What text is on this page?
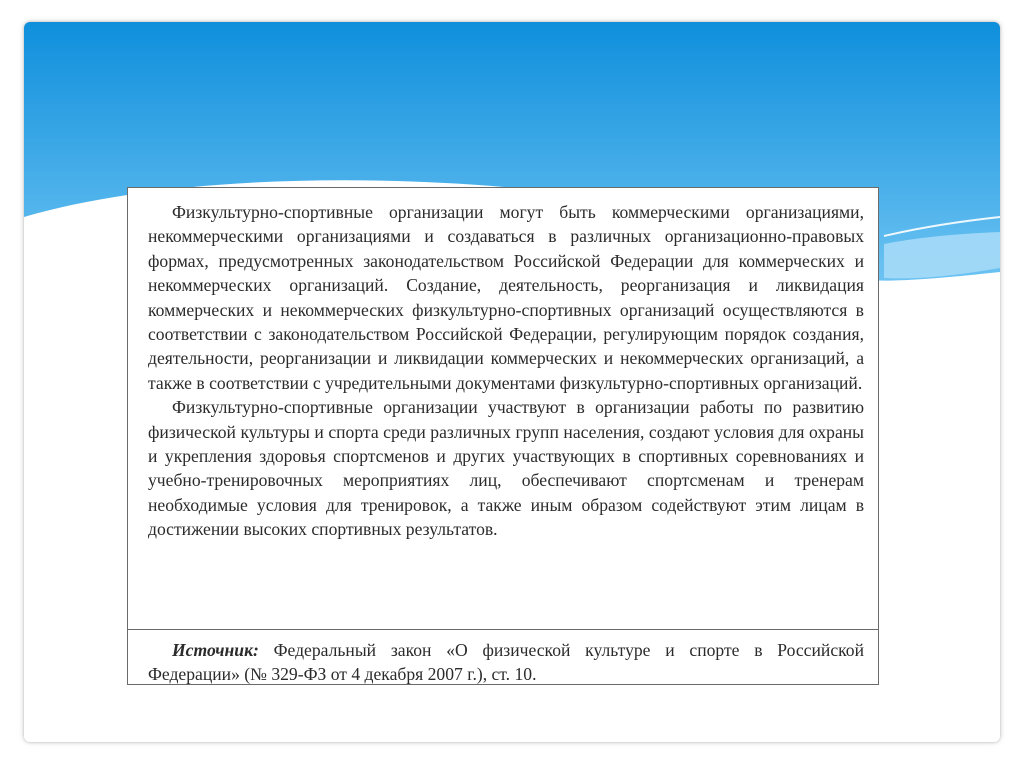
Физкультурно-спортивные организации могут быть коммерческими организациями, некоммерческими организациями и создаваться в различных организационно-правовых формах, предусмотренных законодательством Российской Федерации для коммерческих и некоммерческих организаций. Создание, деятельность, реорганизация и ликвидация коммерческих и некоммерческих физкультурно-спортивных организаций осуществляются в соответствии с законодательством Российской Федерации, регулирующим порядок создания, деятельности, реорганизации и ликвидации коммерческих и некоммерческих организаций, а также в соответствии с учредительными документами физкультурно-спортивных организаций.

Физкультурно-спортивные организации участвуют в организации работы по развитию физической культуры и спорта среди различных групп населения, создают условия для охраны и укрепления здоровья спортсменов и других участвующих в спортивных соревнованиях и учебно-тренировочных мероприятиях лиц, обеспечивают спортсменам и тренерам необходимые условия для тренировок, а также иным образом содействуют этим лицам в достижении высоких спортивных результатов.

Источник: Федеральный закон «О физической культуре и спорте в Российской Федерации» (№ 329-ФЗ от 4 декабря 2007 г.), ст. 10.
